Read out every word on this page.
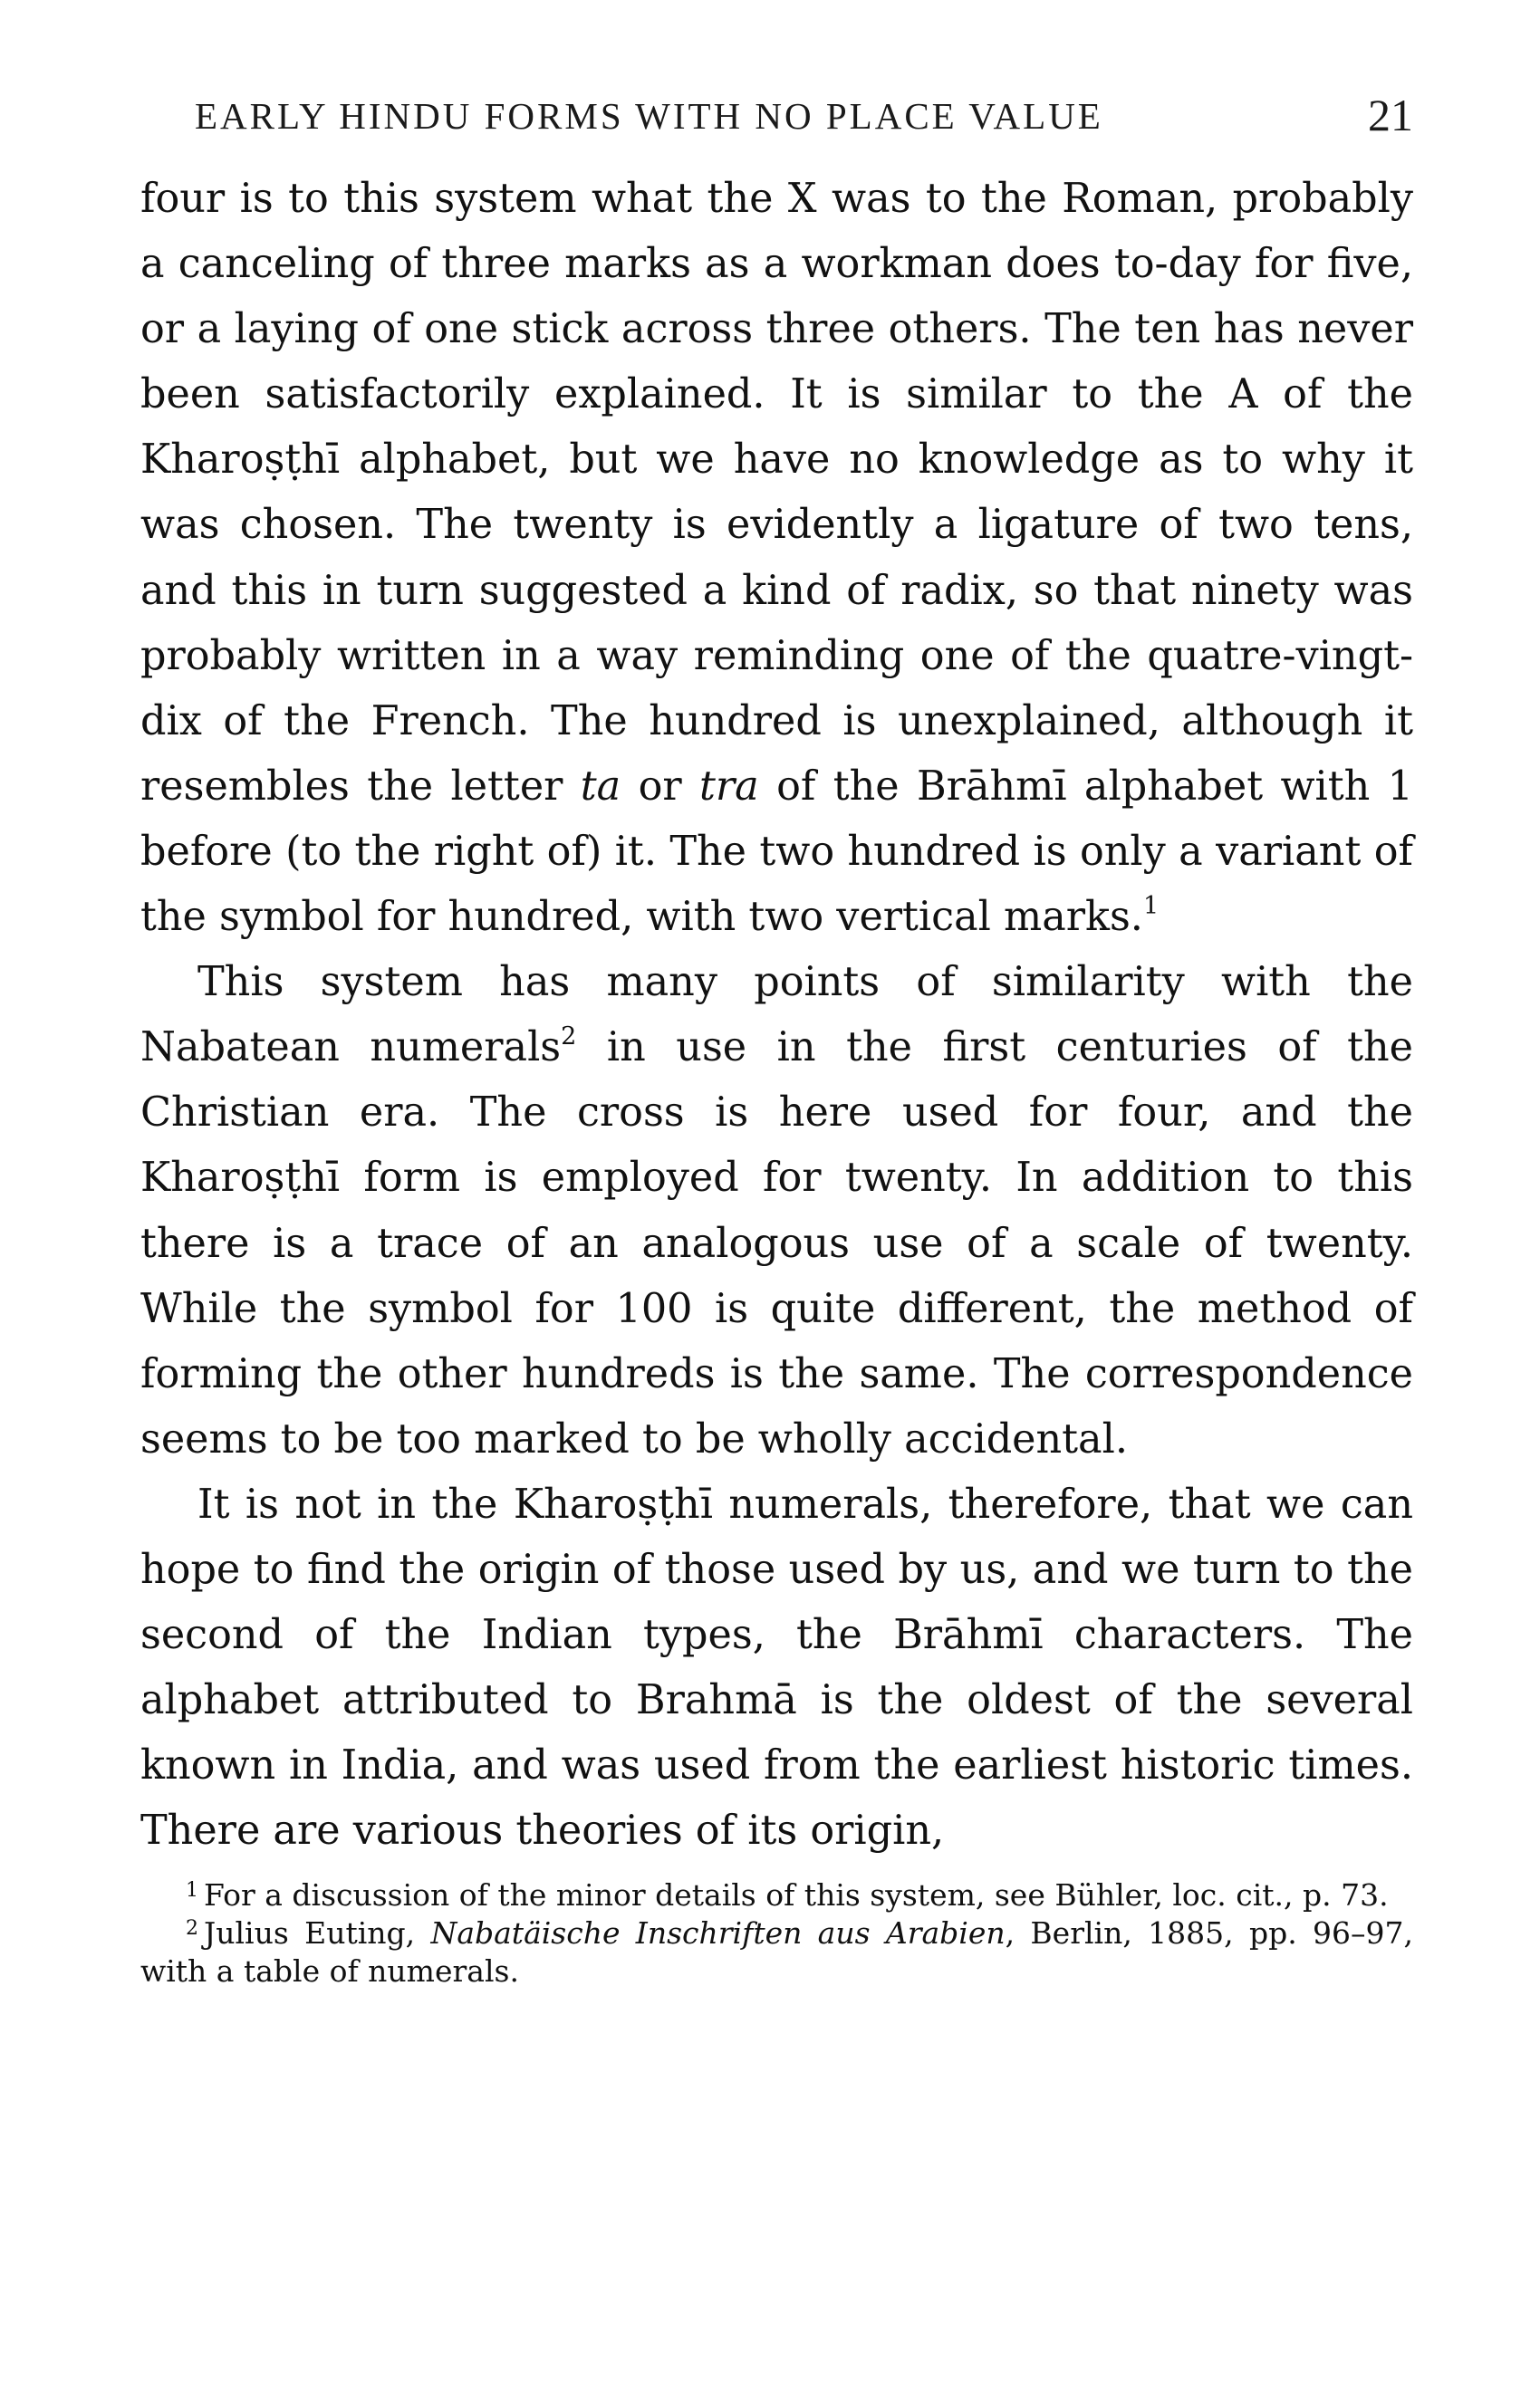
EARLY HINDU FORMS WITH NO PLACE VALUE	21

four is to this system what the X was to the Roman, probably a canceling of three marks as a workman does to-day for five, or a laying of one stick across three others. The ten has never been satisfactorily explained. It is similar to the A of the Kharoṣṭhī alphabet, but we have no knowledge as to why it was chosen. The twenty is evidently a ligature of two tens, and this in turn suggested a kind of radix, so that ninety was probably written in a way reminding one of the quatre-vingt-dix of the French. The hundred is unexplained, although it resembles the letter ta or tra of the Brāhmī alphabet with 1 before (to the right of) it. The two hundred is only a variant of the symbol for hundred, with two vertical marks.$^1$

This system has many points of similarity with the Nabatean numerals$^2$ in use in the first centuries of the Christian era. The cross is here used for four, and the Kharoṣṭhī form is employed for twenty. In addition to this there is a trace of an analogous use of a scale of twenty. While the symbol for 100 is quite different, the method of forming the other hundreds is the same. The correspondence seems to be too marked to be wholly accidental.

It is not in the Kharoṣṭhī numerals, therefore, that we can hope to find the origin of those used by us, and we turn to the second of the Indian types, the Brāhmī characters. The alphabet attributed to Brahmā is the oldest of the several known in India, and was used from the earliest historic times. There are various theories of its origin,

$^1$ For a discussion of the minor details of this system, see Bühler, loc. cit., p. 73.

$^2$ Julius Euting, Nabatäische Inschriften aus Arabien, Berlin, 1885, pp. 96–97, with a table of numerals.
